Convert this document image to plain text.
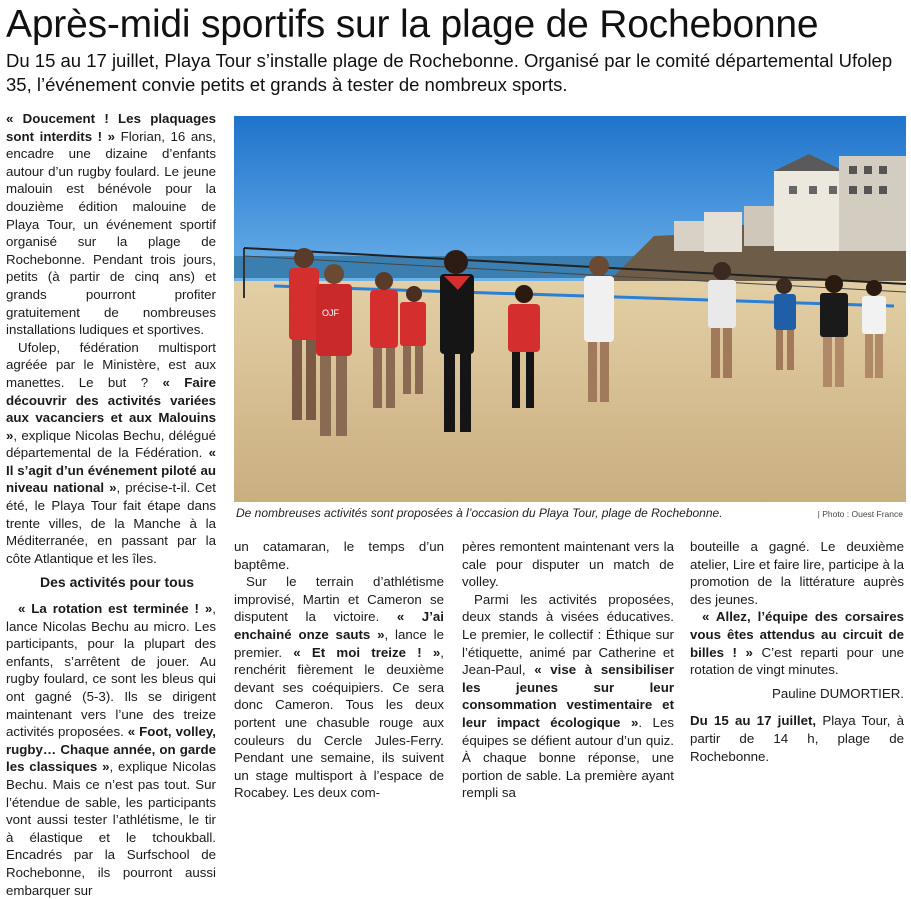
Après-midi sportifs sur la plage de Rochebonne

Du 15 au 17 juillet, Playa Tour s’installe plage de Rochebonne. Organisé par le comité départemental Ufolep 35, l’événement convie petits et grands à tester de nombreux sports.

« Doucement ! Les plaquages sont interdits ! » Florian, 16 ans, encadre une dizaine d’enfants autour d’un rugby foulard. Le jeune malouin est bénévole pour la douzième édition malouine de Playa Tour, un événement sportif organisé sur la plage de Rochebonne. Pendant trois jours, petits (à partir de cinq ans) et grands pourront profiter gratuitement de nombreuses installations ludiques et sportives.

Ufolep, fédération multisport agréée par le Ministère, est aux manettes. Le but ? « Faire découvrir des activités variées aux vacanciers et aux Malouins », explique Nicolas Bechu, délégué départemental de la Fédération. « Il s’agit d’un événement piloté au niveau national », précise-t-il. Cet été, le Playa Tour fait étape dans trente villes, de la Manche à la Méditerranée, en passant par la côte Atlantique et les îles.

Des activités pour tous

« La rotation est terminée ! », lance Nicolas Bechu au micro. Les participants, pour la plupart des enfants, s’arrêtent de jouer. Au rugby foulard, ce sont les bleus qui ont gagné (5-3). Ils se dirigent maintenant vers l’une des treize activités proposées. « Foot, volley, rugby… Chaque année, on garde les classiques », explique Nicolas Bechu. Mais ce n’est pas tout. Sur l’étendue de sable, les participants vont aussi tester l’athlétisme, le tir à élastique et le tchoukball. Encadrés par la Surfschool de Rochebonne, ils pourront aussi embarquer sur

OJF
De nombreuses activités sont proposées à l’occasion du Playa Tour, plage de Rochebonne.	| Photo : Ouest France

un catamaran, le temps d’un baptême.

Sur le terrain d’athlétisme improvisé, Martin et Cameron se disputent la victoire. « J’ai enchainé onze sauts », lance le premier. « Et moi treize ! », renchérit fièrement le deuxième devant ses coéquipiers. Ce sera donc Cameron. Tous les deux portent une chasuble rouge aux couleurs du Cercle Jules-Ferry. Pendant une semaine, ils suivent un stage multisport à l’espace de Rocabey. Les deux com-

pères remontent maintenant vers la cale pour disputer un match de volley.

Parmi les activités proposées, deux stands à visées éducatives. Le premier, le collectif : Éthique sur l’étiquette, animé par Catherine et Jean-Paul, « vise à sensibiliser les jeunes sur leur consommation vestimentaire et leur impact écologique ». Les équipes se défient autour d’un quiz. À chaque bonne réponse, une portion de sable. La première ayant rempli sa

bouteille a gagné. Le deuxième atelier, Lire et faire lire, participe à la promotion de la littérature auprès des jeunes.

« Allez, l’équipe des corsaires vous êtes attendus au circuit de billes ! » C’est reparti pour une rotation de vingt minutes.

Pauline DUMORTIER.

Du 15 au 17 juillet, Playa Tour, à partir de 14 h, plage de Rochebonne.
